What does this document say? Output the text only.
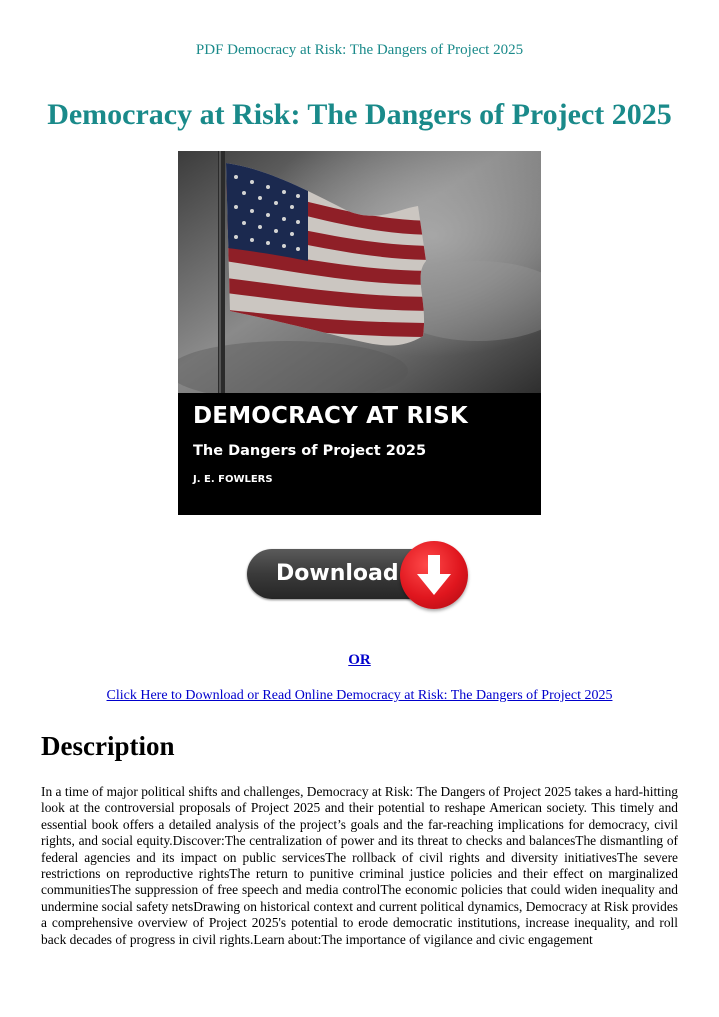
PDF Democracy at Risk: The Dangers of Project 2025
Democracy at Risk: The Dangers of Project 2025
DEMOCRACY AT RISK
The Dangers of Project 2025
J. E. FOWLERS
Download
OR
Click Here to Download or Read Online Democracy at Risk: The Dangers of Project 2025
Description

In a time of major political shifts and challenges, Democracy at Risk: The Dangers of Project 2025 takes a hard-hitting look at the controversial proposals of Project 2025 and their potential to reshape American society. This timely and essential book offers a detailed analysis of the project’s goals and the far-reaching implications for democracy, civil rights, and social equity.Discover:The centralization of power and its threat to checks and balancesThe dismantling of federal agencies and its impact on public servicesThe rollback of civil rights and diversity initiativesThe severe restrictions on reproductive rightsThe return to punitive criminal justice policies and their effect on marginalized communitiesThe suppression of free speech and media controlThe economic policies that could widen inequality and undermine social safety netsDrawing on historical context and current political dynamics, Democracy at Risk provides a comprehensive overview of Project 2025's potential to erode democratic institutions, increase inequality, and roll back decades of progress in civil rights.Learn about:The importance of vigilance and civic engagement
